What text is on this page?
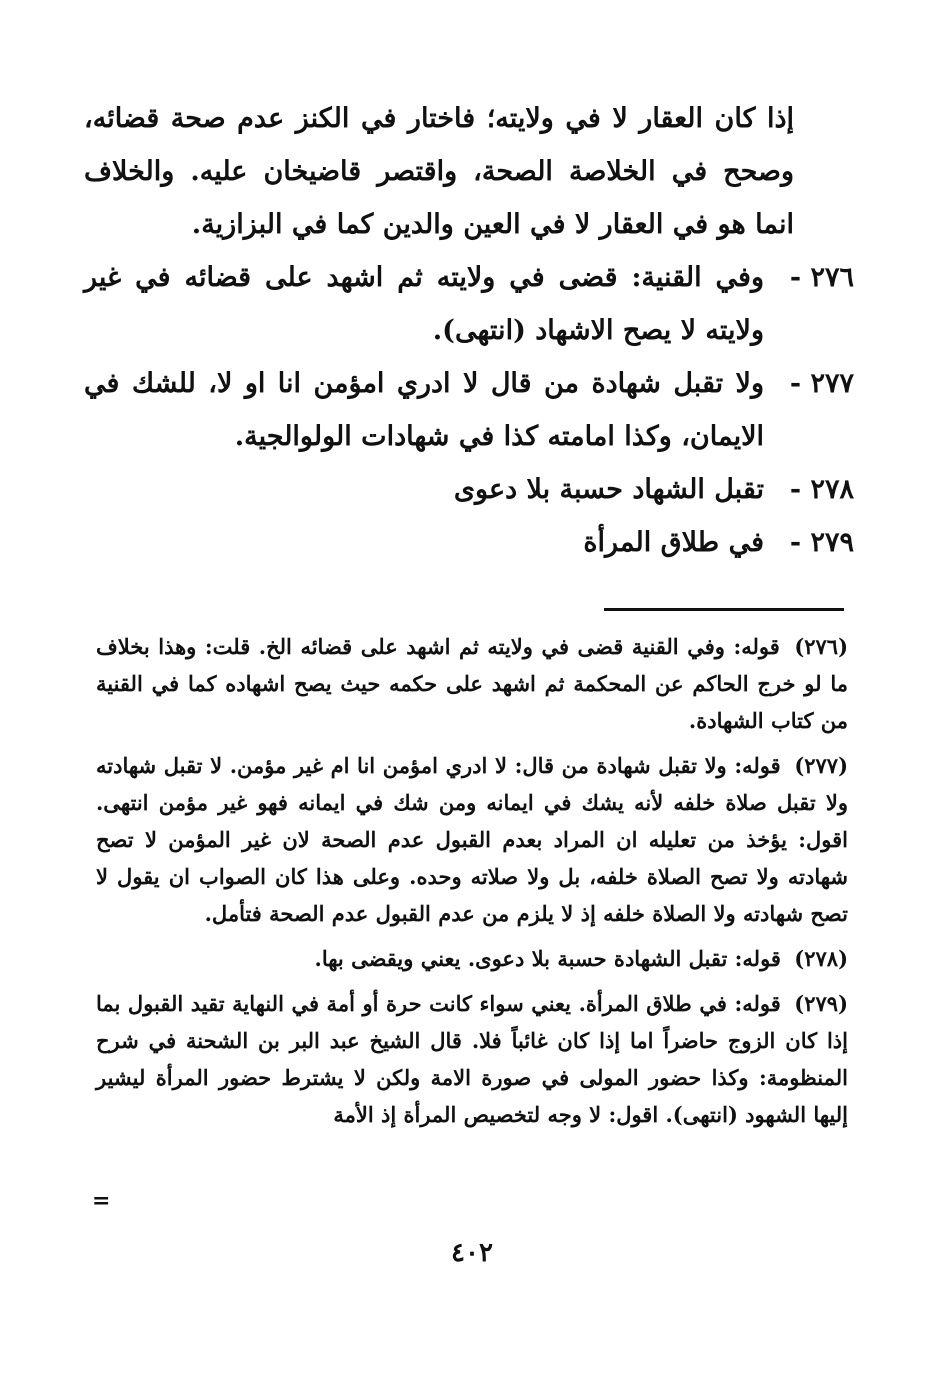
إذا كان العقار لا في ولايته؛ فاختار في الكنز عدم صحة قضائه، وصحح في الخلاصة الصحة، واقتصر قاضيخان عليه. والخلاف انما هو في العقار لا في العين والدين كما في البزازية.

٢٧٦ -
وفي القنية: قضى في ولايته ثم اشهد على قضائه في غير ولايته لا يصح الاشهاد (انتهى).
٢٧٧ -
ولا تقبل شهادة من قال لا ادري امؤمن انا او لا، للشك في الايمان، وكذا امامته كذا في شهادات الولوالجية.
٢٧٨ -
تقبل الشهاد حسبة بلا دعوى
٢٧٩ -
في طلاق المرأة

(٢٧٦) قوله: وفي القنية قضى في ولايته ثم اشهد على قضائه الخ. قلت: وهذا بخلاف ما لو خرج الحاكم عن المحكمة ثم اشهد على حكمه حيث يصح اشهاده كما في القنية من كتاب الشهادة.

(٢٧٧) قوله: ولا تقبل شهادة من قال: لا ادري امؤمن انا ام غير مؤمن. لا تقبل شهادته ولا تقبل صلاة خلفه لأنه يشك في ايمانه ومن شك في ايمانه فهو غير مؤمن انتهى. اقول: يؤخذ من تعليله ان المراد بعدم القبول عدم الصحة لان غير المؤمن لا تصح شهادته ولا تصح الصلاة خلفه، بل ولا صلاته وحده. وعلى هذا كان الصواب ان يقول لا تصح شهادته ولا الصلاة خلفه إذ لا يلزم من عدم القبول عدم الصحة فتأمل.

(٢٧٨) قوله: تقبل الشهادة حسبة بلا دعوى. يعني ويقضى بها.

(٢٧٩) قوله: في طلاق المرأة. يعني سواء كانت حرة أو أمة في النهاية تقيد القبول بما إذا كان الزوج حاضراً اما إذا كان غائباً فلا. قال الشيخ عبد البر بن الشحنة في شرح المنظومة: وكذا حضور المولى في صورة الامة ولكن لا يشترط حضور المرأة ليشير إليها الشهود (انتهى). اقول: لا وجه لتخصيص المرأة إذ الأمة

=
٤٠٢
